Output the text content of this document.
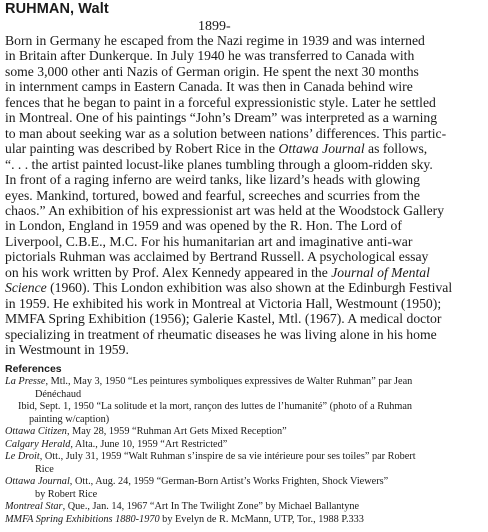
RUHMAN, Walt
1899-
Born in Germany he escaped from the Nazi regime in 1939 and was interned
in Britain after Dunkerque. In July 1940 he was transferred to Canada with
some 3,000 other anti Nazis of German origin. He spent the next 30 months
in internment camps in Eastern Canada. It was then in Canada behind wire
fences that he began to paint in a forceful expressionistic style. Later he settled
in Montreal. One of his paintings “John’s Dream” was interpreted as a warning
to man about seeking war as a solution between nations’ differences. This partic-
ular painting was described by Robert Rice in the Ottawa Journal as follows,
“. . . the artist painted locust-like planes tumbling through a gloom-ridden sky.
In front of a raging inferno are weird tanks, like lizard’s heads with glowing
eyes. Mankind, tortured, bowed and fearful, screeches and scurries from the
chaos.” An exhibition of his expressionist art was held at the Woodstock Gallery
in London, England in 1959 and was opened by the R. Hon. The Lord of
Liverpool, C.B.E., M.C. For his humanitarian art and imaginative anti-war
pictorials Ruhman was acclaimed by Bertrand Russell. A psychological essay
on his work written by Prof. Alex Kennedy appeared in the Journal of Mental
Science (1960). This London exhibition was also shown at the Edinburgh Festival
in 1959. He exhibited his work in Montreal at Victoria Hall, Westmount (1950);
MMFA Spring Exhibition (1956); Galerie Kastel, Mtl. (1967). A medical doctor
specializing in treatment of rheumatic diseases he was living alone in his home
in Westmount in 1959.
References
La Presse, Mtl., May 3, 1950 “Les peintures symboliques expressives de Walter Ruhman” par Jean
Dénéchaud
Ibid, Sept. 1, 1950 “La solitude et la mort, rançon des luttes de l’humanité” (photo of a Ruhman
painting w/caption)
Ottawa Citizen, May 28, 1959 “Ruhman Art Gets Mixed Reception”
Calgary Herald, Alta., June 10, 1959 “Art Restricted”
Le Droit, Ott., July 31, 1959 “Walt Ruhman s’inspire de sa vie intérieure pour ses toiles” par Robert
Rice
Ottawa Journal, Ott., Aug. 24, 1959 “German-Born Artist’s Works Frighten, Shock Viewers”
by Robert Rice
Montreal Star, Que., Jan. 14, 1967 “Art In The Twilight Zone” by Michael Ballantyne
MMFA Spring Exhibitions 1880-1970 by Evelyn de R. McMann, UTP, Tor., 1988 P.333
